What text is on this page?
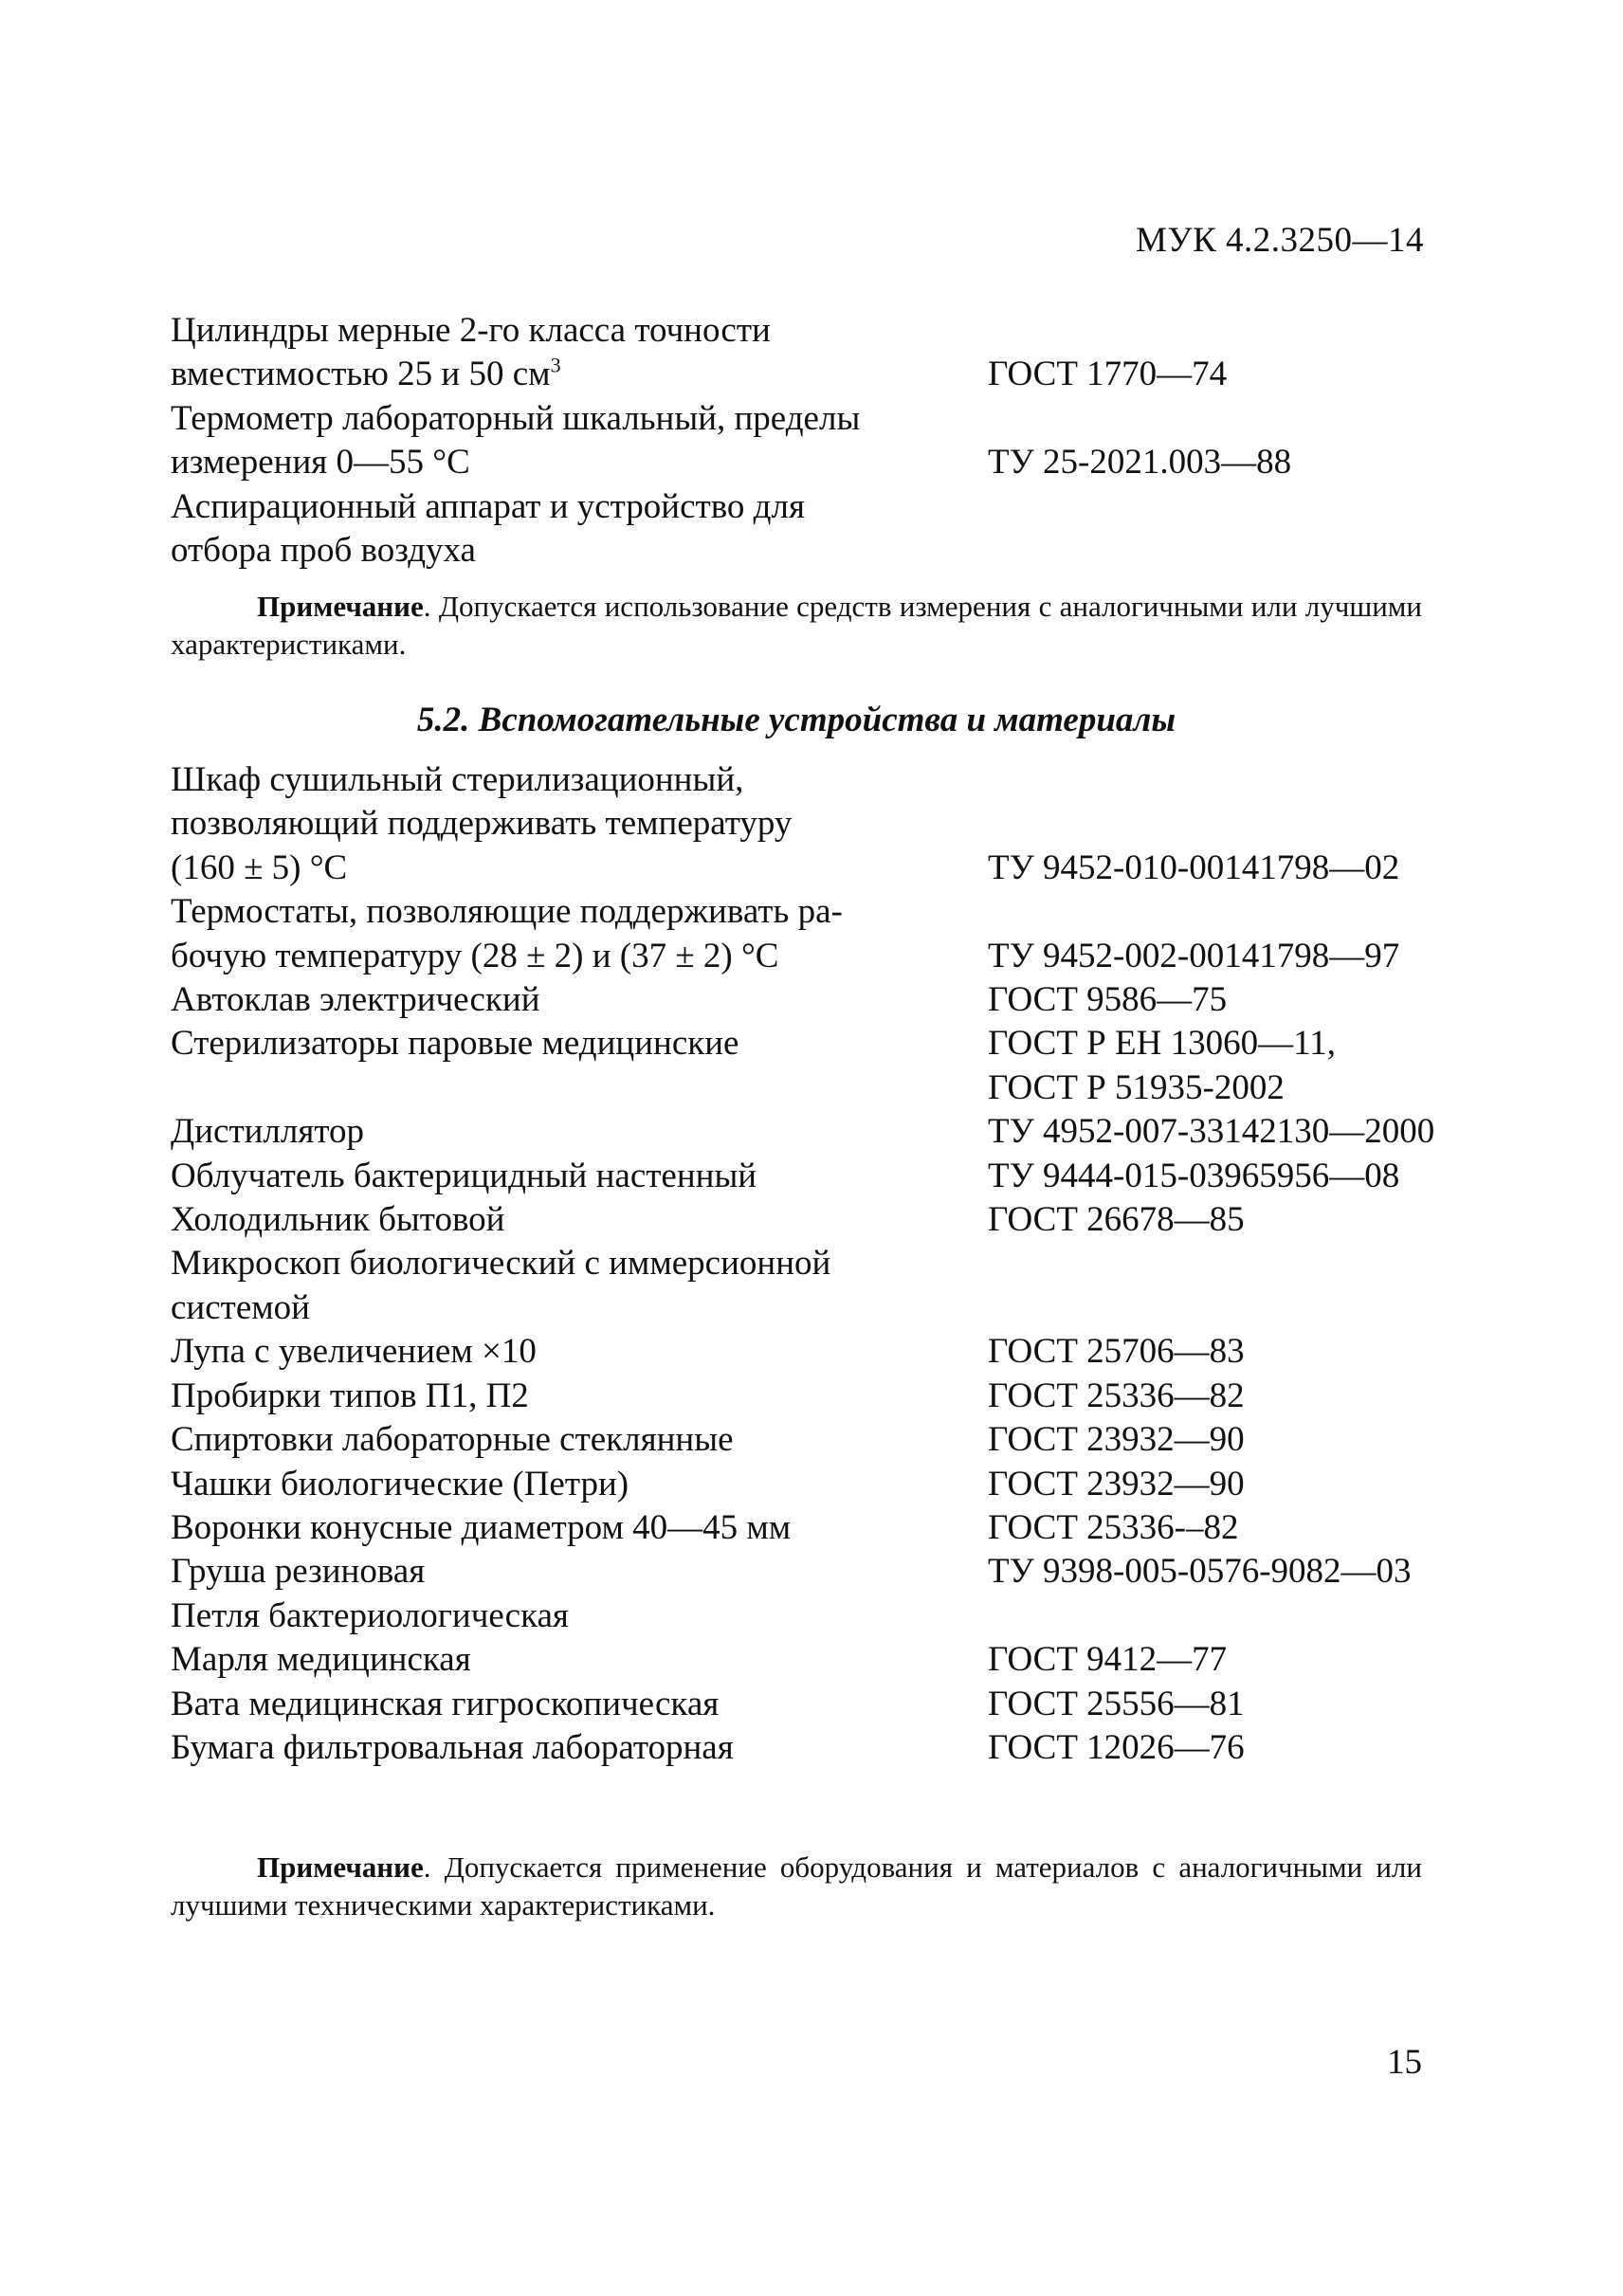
МУК 4.2.3250—14
Цилиндры мерные 2-го класса точности
вместимостью 25 и 50 $см^3$	ГОСТ 1770—74
Термометр лабораторный шкальный, пределы
измерения 0—55 °С	ТУ 25-2021.003—88
Аспирационный аппарат и устройство для
отбора проб воздуха

Примечание. Допускается использование средств измерения с аналогичными или лучшими характеристиками.
5.2. Вспомогательные устройства и материалы
Шкаф сушильный стерилизационный,
позволяющий поддерживать температуру
(160 ± 5) °С	ТУ 9452-010-00141798—02
Термостаты, позволяющие поддерживать ра-
бочую температуру (28 ± 2) и (37 ± 2) °С	ТУ 9452-002-00141798—97
Автоклав электрический	ГОСТ 9586—75
Стерилизаторы паровые медицинские
	ГОСТ Р ЕН 13060—11,
ГОСТ Р 51935-2002
Дистиллятор	ТУ 4952-007-33142130—2000
Облучатель бактерицидный настенный	ТУ 9444-015-03965956—08
Холодильник бытовой	ГОСТ 26678—85
Микроскоп биологический с иммерсионной
системой

Лупа с увеличением ×10	ГОСТ 25706—83
Пробирки типов П1, П2	ГОСТ 25336—82
Спиртовки лабораторные стеклянные	ГОСТ 23932—90
Чашки биологические (Петри)	ГОСТ 23932—90
Воронки конусные диаметром 40—45 мм	ГОСТ 25336-–82
Груша резиновая	ТУ 9398-005-0576-9082—03
Петля бактериологическая

Марля медицинская	ГОСТ 9412—77
Вата медицинская гигроскопическая	ГОСТ 25556—81
Бумага фильтровальная лабораторная	ГОСТ 12026—76
Примечание. Допускается применение оборудования и материалов с аналогичными или лучшими техническими характеристиками.
15
